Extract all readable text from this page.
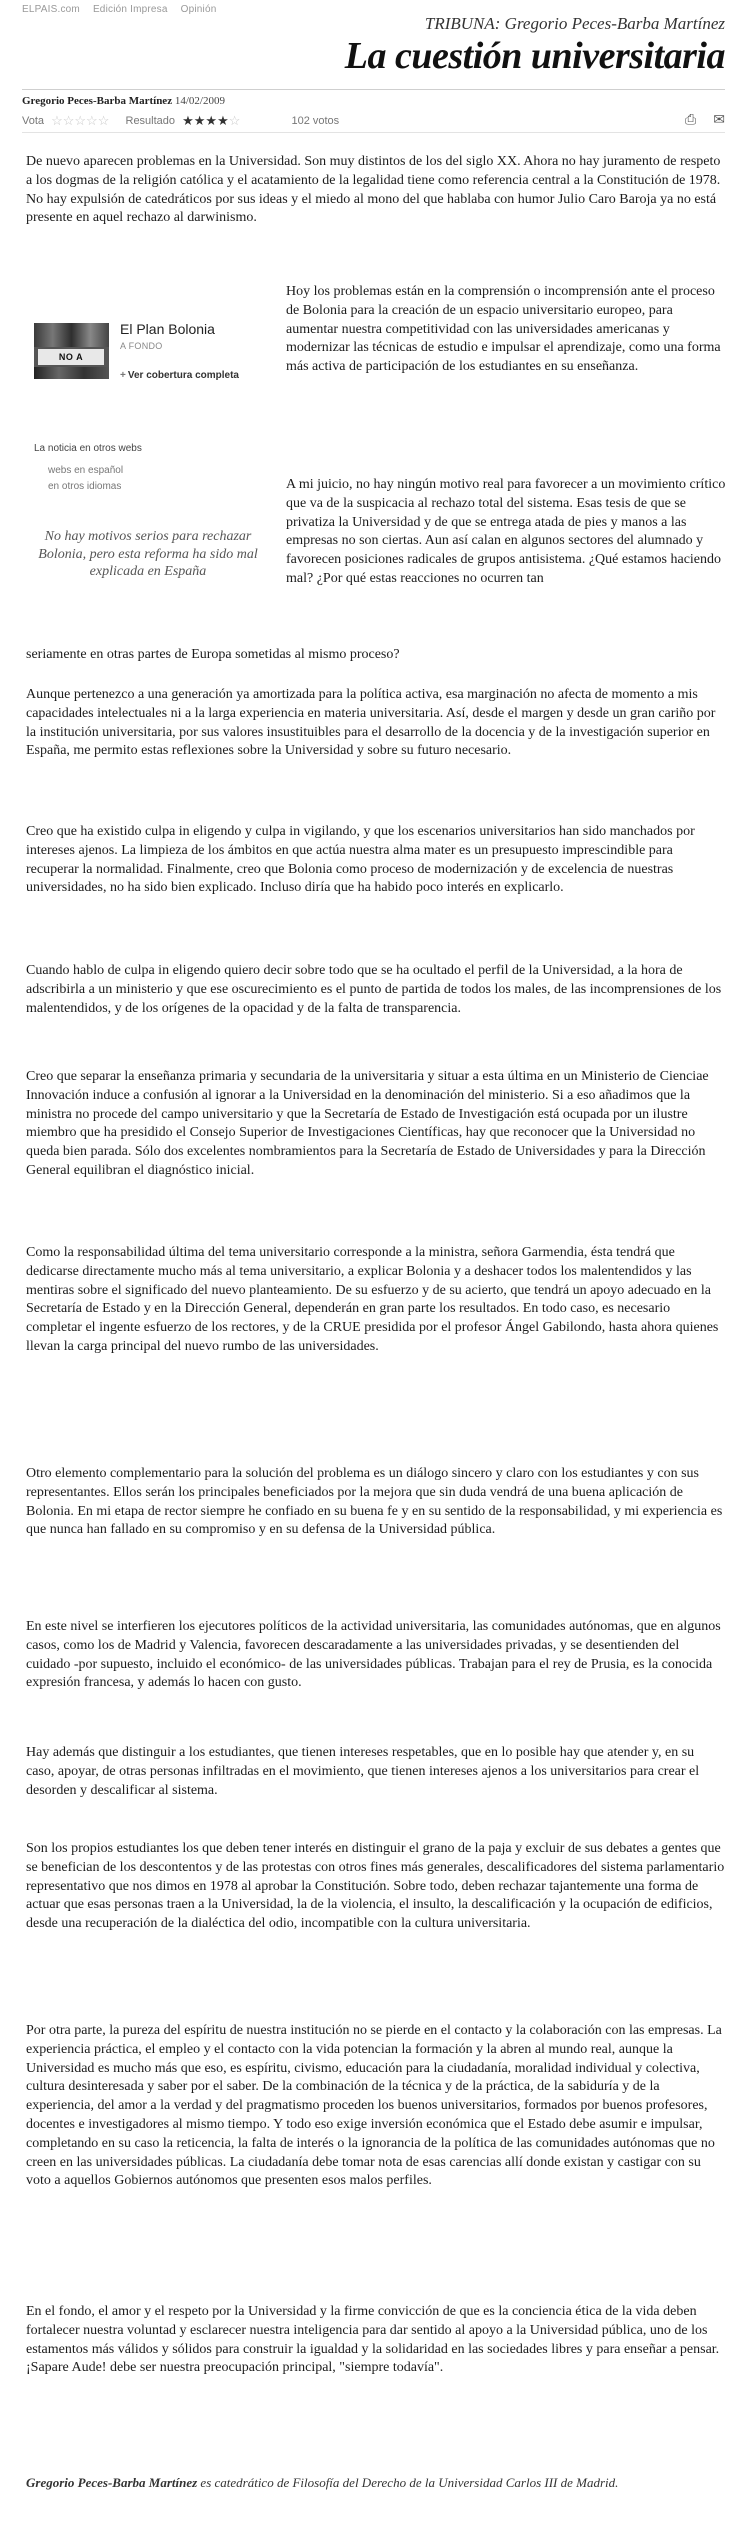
ELPAIS.com Edición Impresa Opinión
TRIBUNA: Gregorio Peces-Barba Martínez
La cuestión universitaria
Gregorio Peces-Barba Martínez 14/02/2009
Vota ☆☆☆☆☆ Resultado ★★★★☆	102 votos	⎙ ✉
De nuevo aparecen problemas en la Universidad. Son muy distintos de los del siglo XX. Ahora no hay juramento de respeto a los dogmas de la religión católica y el acatamiento de la legalidad tiene como referencia central a la Constitución de 1978. No hay expulsión de catedráticos por sus ideas y el miedo al mono del que hablaba con humor Julio Caro Baroja ya no está presente en aquel rechazo al darwinismo.
NO A
El Plan Bolonia
A FONDO
+ Ver cobertura completa
La noticia en otros webs
webs en español
en otros idiomas
No hay motivos serios para rechazar Bolonia, pero esta reforma ha sido mal explicada en España
Hoy los problemas están en la comprensión o incomprensión ante el proceso de Bolonia para la creación de un espacio universitario europeo, para aumentar nuestra competitividad con las universidades americanas y modernizar las técnicas de estudio e impulsar el aprendizaje, como una forma más activa de participación de los estudiantes en su enseñanza.
A mi juicio, no hay ningún motivo real para favorecer a un movimiento crítico que va de la suspicacia al rechazo total del sistema. Esas tesis de que se privatiza la Universidad y de que se entrega atada de pies y manos a las empresas no son ciertas. Aun así calan en algunos sectores del alumnado y favorecen posiciones radicales de grupos antisistema. ¿Qué estamos haciendo mal? ¿Por qué estas reacciones no ocurren tan
seriamente en otras partes de Europa sometidas al mismo proceso?
Aunque pertenezco a una generación ya amortizada para la política activa, esa marginación no afecta de momento a mis capacidades intelectuales ni a la larga experiencia en materia universitaria. Así, desde el margen y desde un gran cariño por la institución universitaria, por sus valores insustituibles para el desarrollo de la docencia y de la investigación superior en España, me permito estas reflexiones sobre la Universidad y sobre su futuro necesario.
Creo que ha existido culpa in eligendo y culpa in vigilando, y que los escenarios universitarios han sido manchados por intereses ajenos. La limpieza de los ámbitos en que actúa nuestra alma mater es un presupuesto imprescindible para recuperar la normalidad. Finalmente, creo que Bolonia como proceso de modernización y de excelencia de nuestras universidades, no ha sido bien explicado. Incluso diría que ha habido poco interés en explicarlo.
Cuando hablo de culpa in eligendo quiero decir sobre todo que se ha ocultado el perfil de la Universidad, a la hora de adscribirla a un ministerio y que ese oscurecimiento es el punto de partida de todos los males, de las incomprensiones de los malentendidos, y de los orígenes de la opacidad y de la falta de transparencia.
Creo que separar la enseñanza primaria y secundaria de la universitaria y situar a esta última en un Ministerio de Cienciae Innovación induce a confusión al ignorar a la Universidad en la denominación del ministerio. Si a eso añadimos que la ministra no procede del campo universitario y que la Secretaría de Estado de Investigación está ocupada por un ilustre miembro que ha presidido el Consejo Superior de Investigaciones Científicas, hay que reconocer que la Universidad no queda bien parada. Sólo dos excelentes nombramientos para la Secretaría de Estado de Universidades y para la Dirección General equilibran el diagnóstico inicial.
Como la responsabilidad última del tema universitario corresponde a la ministra, señora Garmendia, ésta tendrá que dedicarse directamente mucho más al tema universitario, a explicar Bolonia y a deshacer todos los malentendidos y las mentiras sobre el significado del nuevo planteamiento. De su esfuerzo y de su acierto, que tendrá un apoyo adecuado en la Secretaría de Estado y en la Dirección General, dependerán en gran parte los resultados. En todo caso, es necesario completar el ingente esfuerzo de los rectores, y de la CRUE presidida por el profesor Ángel Gabilondo, hasta ahora quienes llevan la carga principal del nuevo rumbo de las universidades.
Otro elemento complementario para la solución del problema es un diálogo sincero y claro con los estudiantes y con sus representantes. Ellos serán los principales beneficiados por la mejora que sin duda vendrá de una buena aplicación de Bolonia. En mi etapa de rector siempre he confiado en su buena fe y en su sentido de la responsabilidad, y mi experiencia es que nunca han fallado en su compromiso y en su defensa de la Universidad pública.
En este nivel se interfieren los ejecutores políticos de la actividad universitaria, las comunidades autónomas, que en algunos casos, como los de Madrid y Valencia, favorecen descaradamente a las universidades privadas, y se desentienden del cuidado -por supuesto, incluido el económico- de las universidades públicas. Trabajan para el rey de Prusia, es la conocida expresión francesa, y además lo hacen con gusto.
Hay además que distinguir a los estudiantes, que tienen intereses respetables, que en lo posible hay que atender y, en su caso, apoyar, de otras personas infiltradas en el movimiento, que tienen intereses ajenos a los universitarios para crear el desorden y descalificar al sistema.
Son los propios estudiantes los que deben tener interés en distinguir el grano de la paja y excluir de sus debates a gentes que se benefician de los descontentos y de las protestas con otros fines más generales, descalificadores del sistema parlamentario representativo que nos dimos en 1978 al aprobar la Constitución. Sobre todo, deben rechazar tajantemente una forma de actuar que esas personas traen a la Universidad, la de la violencia, el insulto, la descalificación y la ocupación de edificios, desde una recuperación de la dialéctica del odio, incompatible con la cultura universitaria.
Por otra parte, la pureza del espíritu de nuestra institución no se pierde en el contacto y la colaboración con las empresas. La experiencia práctica, el empleo y el contacto con la vida potencian la formación y la abren al mundo real, aunque la Universidad es mucho más que eso, es espíritu, civismo, educación para la ciudadanía, moralidad individual y colectiva, cultura desinteresada y saber por el saber. De la combinación de la técnica y de la práctica, de la sabiduría y de la experiencia, del amor a la verdad y del pragmatismo proceden los buenos universitarios, formados por buenos profesores, docentes e investigadores al mismo tiempo. Y todo eso exige inversión económica que el Estado debe asumir e impulsar, completando en su caso la reticencia, la falta de interés o la ignorancia de la política de las comunidades autónomas que no creen en las universidades públicas. La ciudadanía debe tomar nota de esas carencias allí donde existan y castigar con su voto a aquellos Gobiernos autónomos que presenten esos malos perfiles.
En el fondo, el amor y el respeto por la Universidad y la firme convicción de que es la conciencia ética de la vida deben fortalecer nuestra voluntad y esclarecer nuestra inteligencia para dar sentido al apoyo a la Universidad pública, uno de los estamentos más válidos y sólidos para construir la igualdad y la solidaridad en las sociedades libres y para enseñar a pensar. ¡Sapare Aude! debe ser nuestra preocupación principal, "siempre todavía".
Gregorio Peces-Barba Martínez es catedrático de Filosofía del Derecho de la Universidad Carlos III de Madrid.
